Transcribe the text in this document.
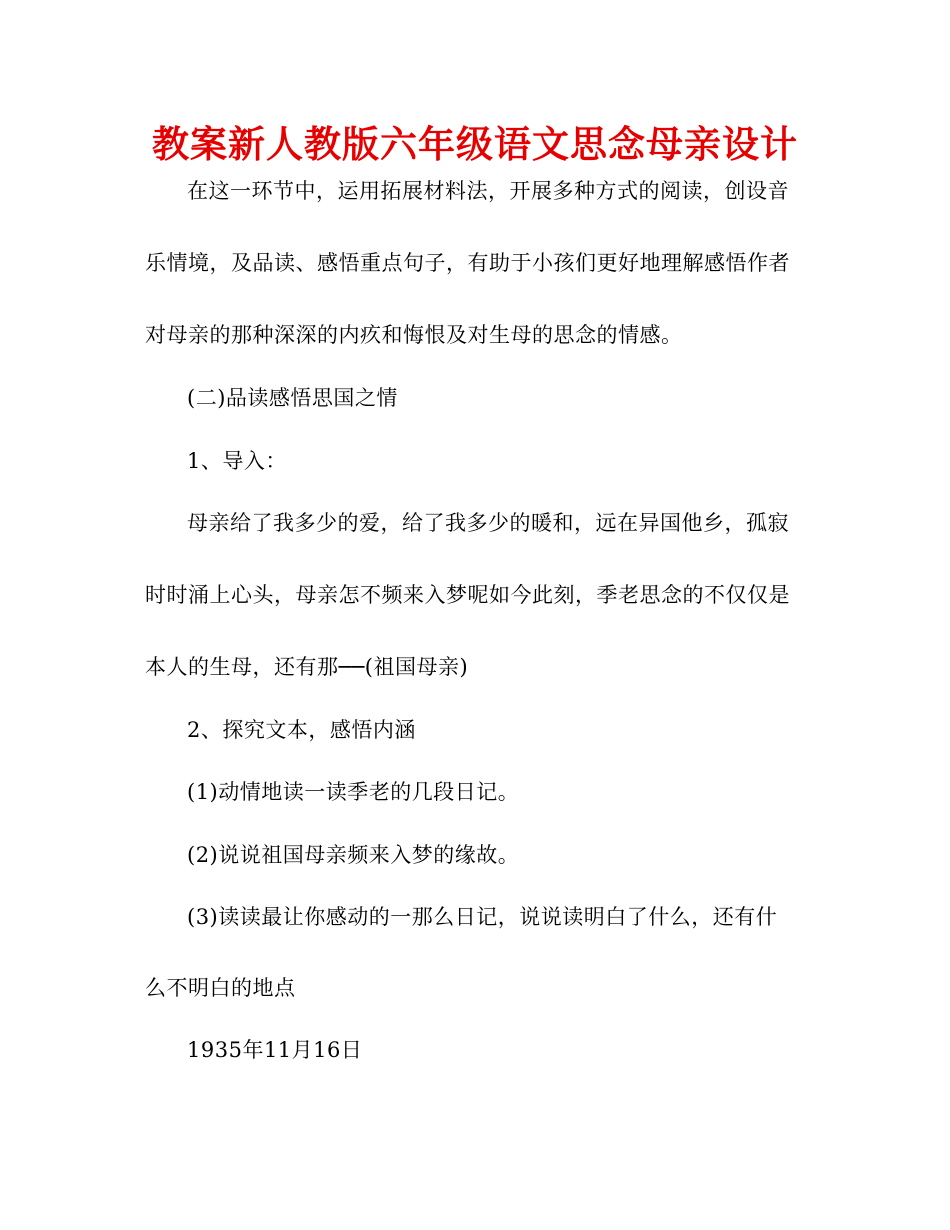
教案新人教版六年级语文思念母亲设计
在这一环节中，运用拓展材料法，开展多种方式的阅读，创设音
乐情境，及品读、感悟重点句子，有助于小孩们更好地理解感悟作者
对母亲的那种深深的内疚和悔恨及对生母的思念的情感。
(二)品读感悟思国之情
1、导入：
母亲给了我多少的爱，给了我多少的暖和，远在异国他乡，孤寂
时时涌上心头，母亲怎不频来入梦呢如今此刻，季老思念的不仅仅是
本人的生母，还有那──(祖国母亲)
2、探究文本，感悟内涵
(1)动情地读一读季老的几段日记。
(2)说说祖国母亲频来入梦的缘故。
(3)读读最让你感动的一那么日记，说说读明白了什么，还有什
么不明白的地点
1935年11月16日
